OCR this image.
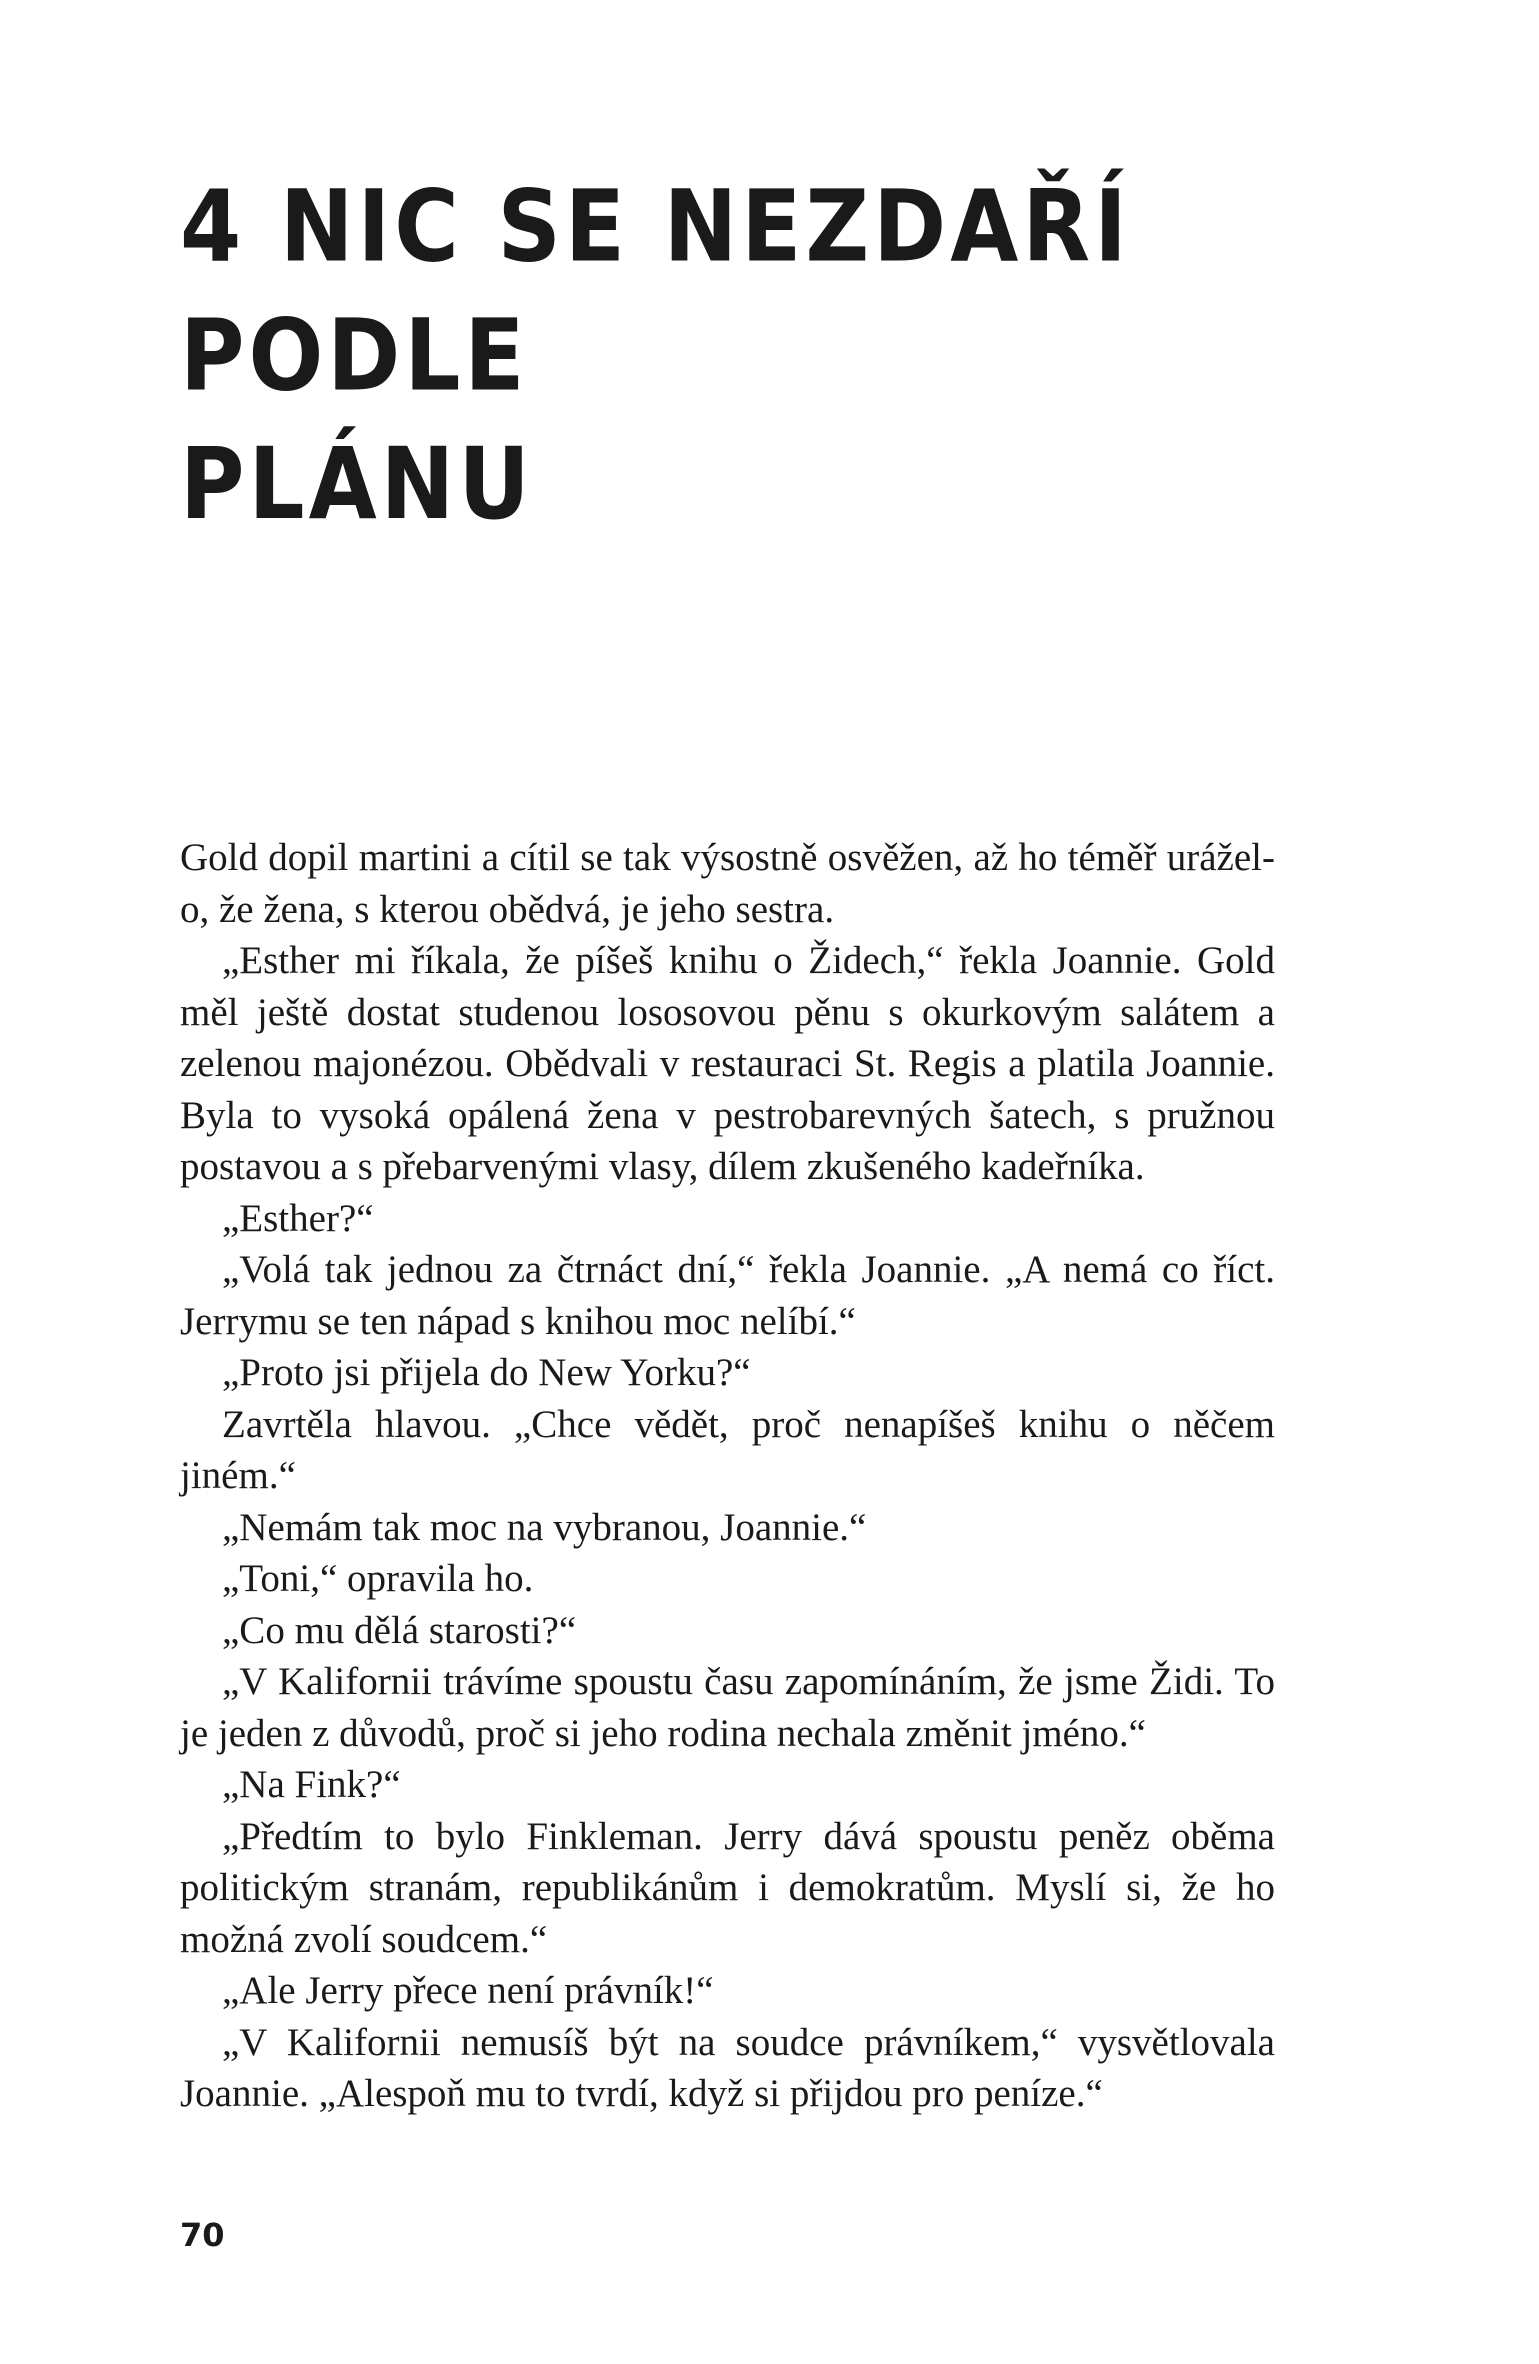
4 NIC SE NEZDAŘÍ PODLE
PLÁNU

Gold dopil martini a cítil se tak výsostně osvěžen, až ho téměř uráželo, že žena, s kterou obědvá, je jeho sestra.

„Esther mi říkala, že píšeš knihu o Židech,“ řekla Joannie. Gold měl ještě dostat studenou lososovou pěnu s okurkovým salátem a zelenou majonézou. Obědvali v restauraci St. Regis a platila Joannie. Byla to vysoká opálená žena v pestrobarevných šatech, s pružnou postavou a s přebarvenými vlasy, dílem zkušeného kadeřníka.

„Esther?“

„Volá tak jednou za čtrnáct dní,“ řekla Joannie. „A nemá co říct. Jerrymu se ten nápad s knihou moc nelíbí.“

„Proto jsi přijela do New Yorku?“

Zavrtěla hlavou. „Chce vědět, proč nenapíšeš knihu o něčem jiném.“

„Nemám tak moc na vybranou, Joannie.“

„Toni,“ opravila ho.

„Co mu dělá starosti?“

„V Kalifornii trávíme spoustu času zapomínáním, že jsme Židi. To je jeden z důvodů, proč si jeho rodina nechala změnit jméno.“

„Na Fink?“

„Předtím to bylo Finkleman. Jerry dává spoustu peněz oběma politickým stranám, republikánům i demokratům. Myslí si, že ho možná zvolí soudcem.“

„Ale Jerry přece není právník!“

„V Kalifornii nemusíš být na soudce právníkem,“ vysvětlovala Joannie. „Alespoň mu to tvrdí, když si přijdou pro peníze.“

70
